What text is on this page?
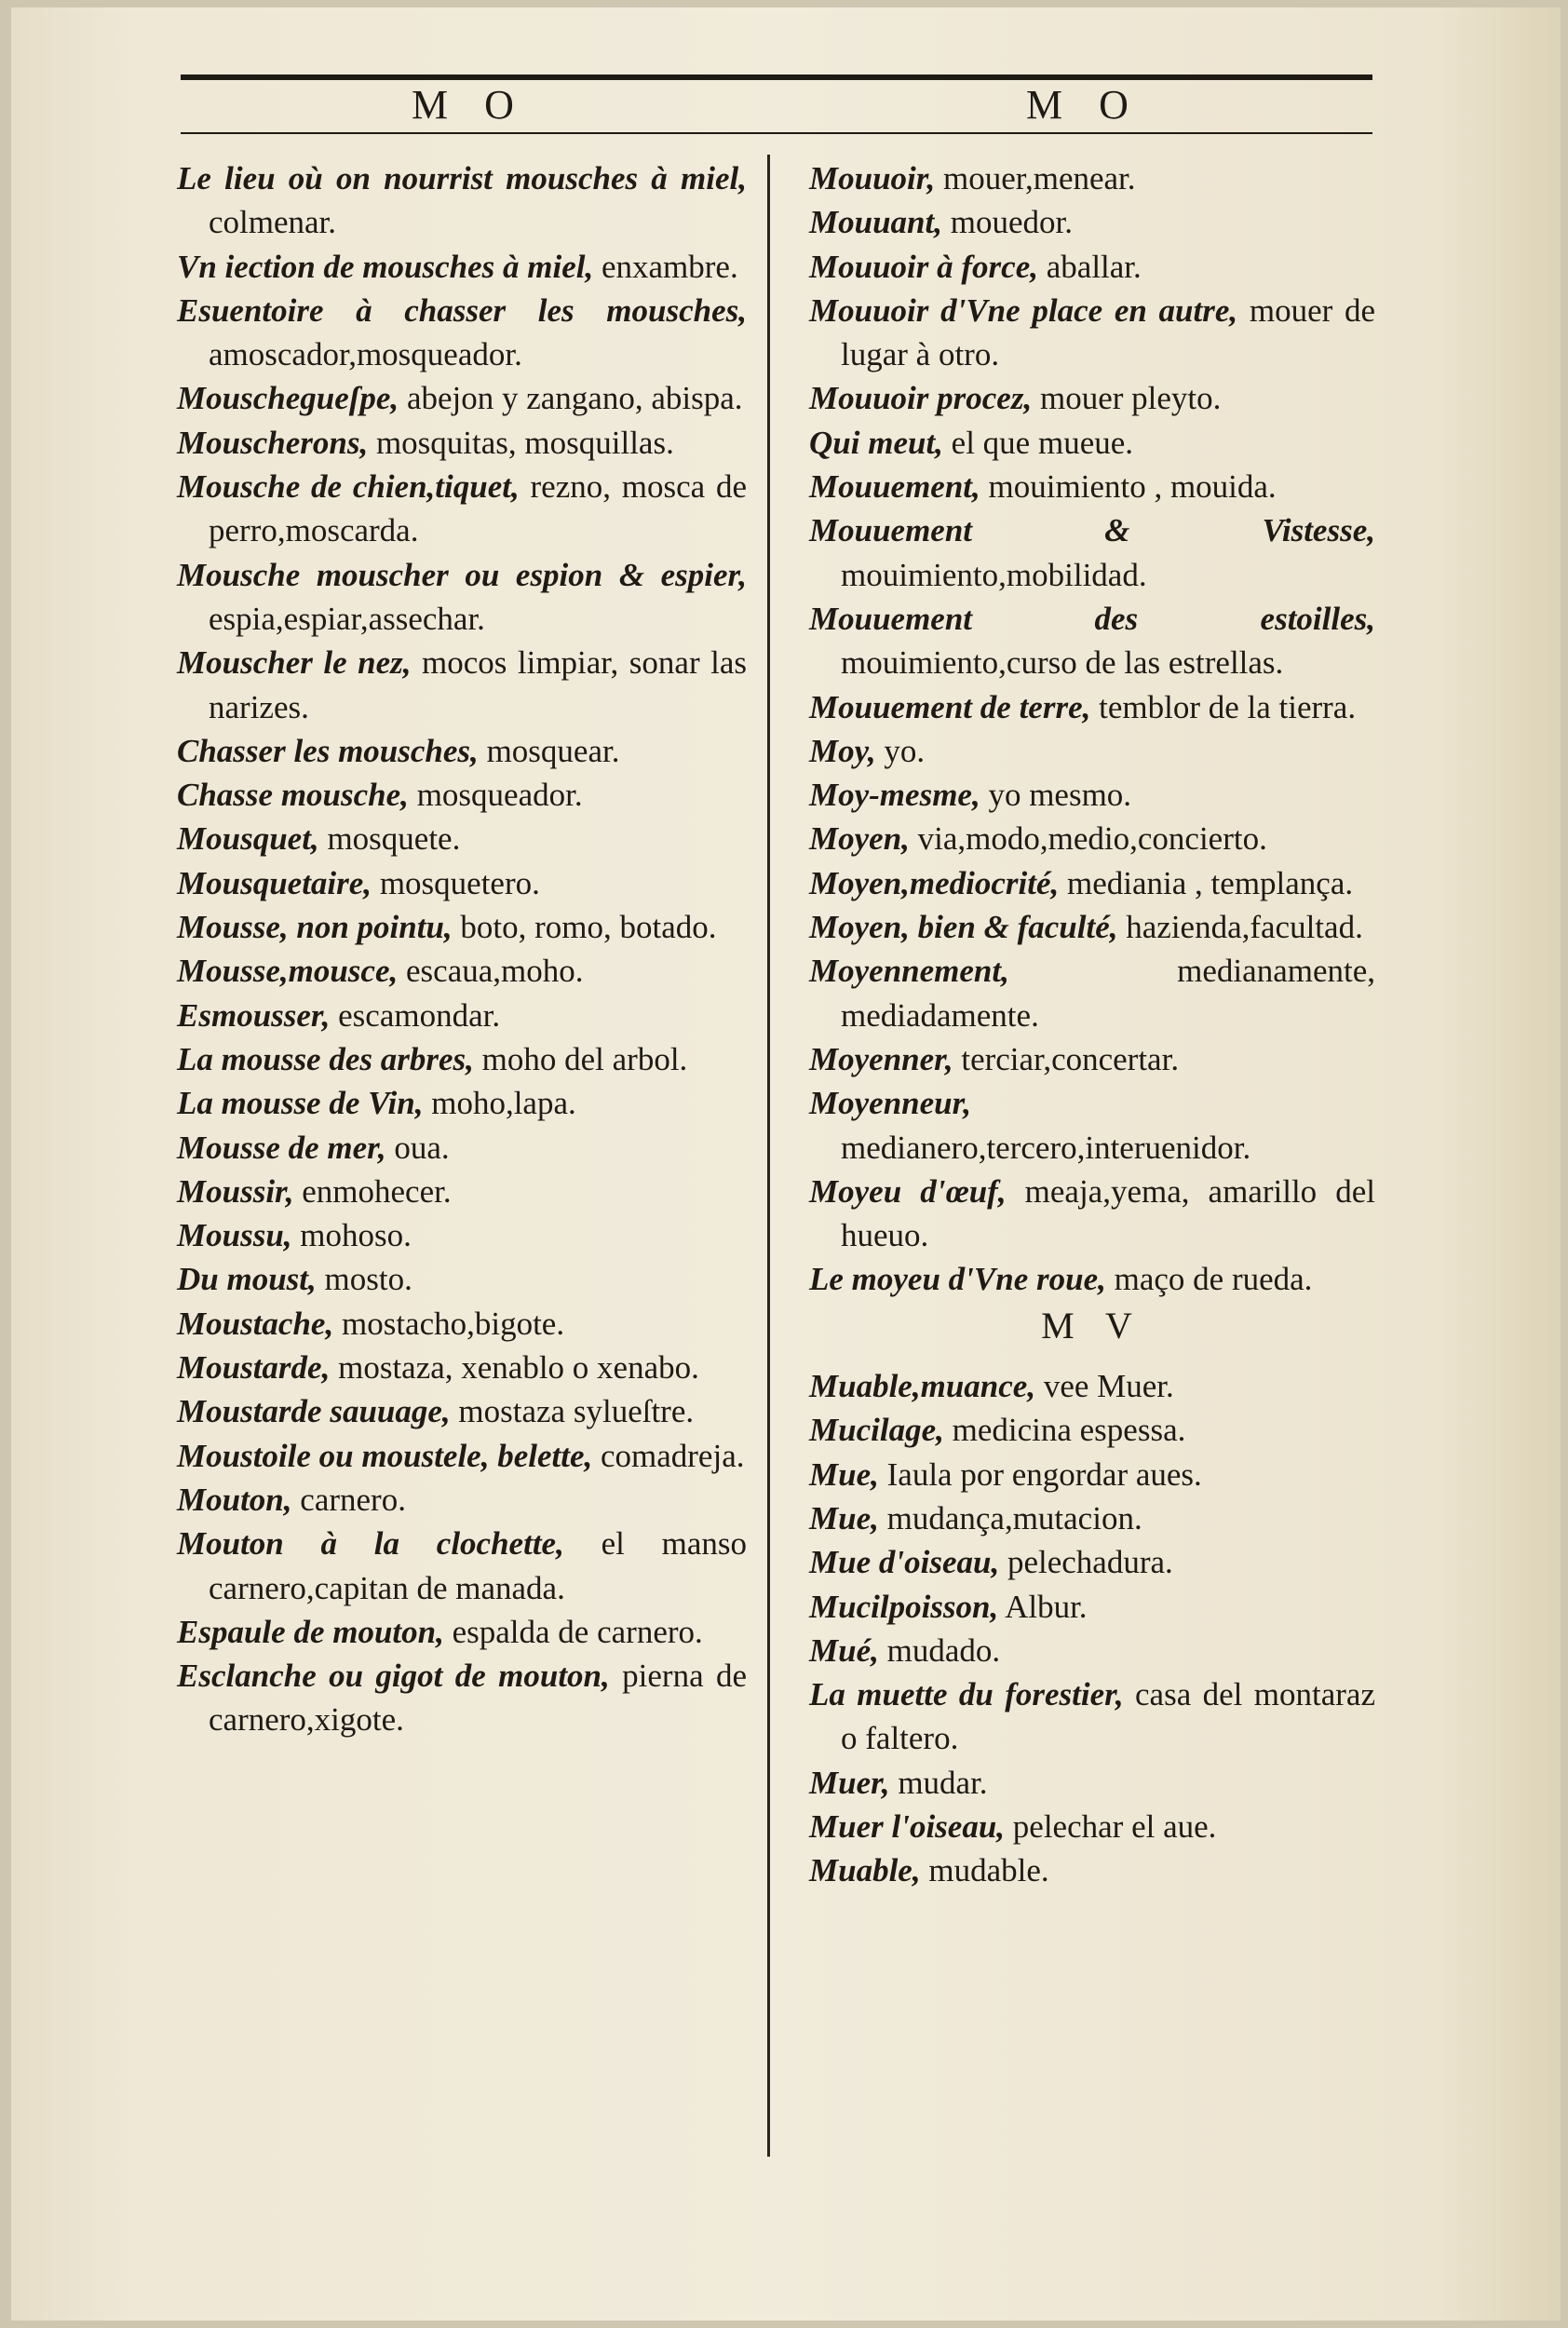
M O	M O
Le lieu où on nourrist mousches à miel, colmenar.
Vn iection de mousches à miel, enxambre.
Esuentoire à chasser les mousches, amoscador,mosqueador.
Mouschegueſpe, abejon y zangano, abispa.
Mouscherons, mosquitas, mosquillas.
Mousche de chien,tiquet, rezno, mosca de perro,moscarda.
Mousche mouscher ou espion & espier, espia,espiar,assechar.
Mouscher le nez, mocos limpiar, sonar las narizes.
Chasser les mousches, mosquear.
Chasse mousche, mosqueador.
Mousquet, mosquete.
Mousquetaire, mosquetero.
Mousse, non pointu, boto, romo, botado.
Mousse,mousce, escaua,moho.
Esmousser, escamondar.
La mousse des arbres, moho del arbol.
La mousse de Vin, moho,lapa.
Mousse de mer, oua.
Moussir, enmohecer.
Moussu, mohoso.
Du moust, mosto.
Moustache, mostacho,bigote.
Moustarde, mostaza, xenablo o xenabo.
Moustarde sauuage, mostaza sylueſtre.
Moustoile ou moustele, belette, comadreja.
Mouton, carnero.
Mouton à la clochette, el manso carnero,capitan de manada.
Espaule de mouton, espalda de carnero.
Esclanche ou gigot de mouton, pierna de carnero,xigote.
Mouuoir, mouer,menear.
Mouuant, mouedor.
Mouuoir à force, aballar.
Mouuoir d'Vne place en autre, mouer de lugar à otro.
Mouuoir procez, mouer pleyto.
Qui meut, el que mueue.
Mouuement, mouimiento , mouida.
Mouuement & Vistesse, mouimiento,mobilidad.
Mouuement des estoilles, mouimiento,curso de las estrellas.
Mouuement de terre, temblor de la tierra.
Moy, yo.
Moy-mesme, yo mesmo.
Moyen, via,modo,medio,concierto.
Moyen,mediocrité, mediania , templança.
Moyen, bien & faculté, hazienda,facultad.
Moyennement,	medianamente, mediadamente.
Moyenner, terciar,concertar.
Moyenneur, medianero,tercero,interuenidor.
Moyeu d'œuf, meaja,yema, amarillo del hueuo.
Le moyeu d'Vne roue, maço de rueda.
M V
Muable,muance, vee Muer.
Mucilage, medicina espessa.
Mue, Iaula por engordar aues.
Mue, mudança,mutacion.
Mue d'oiseau, pelechadura.
Mucilpoisson, Albur.
Mué, mudado.
La muette du forestier, casa del montaraz o faltero.
Muer, mudar.
Muer l'oiseau, pelechar el aue.
Muable, mudable.
